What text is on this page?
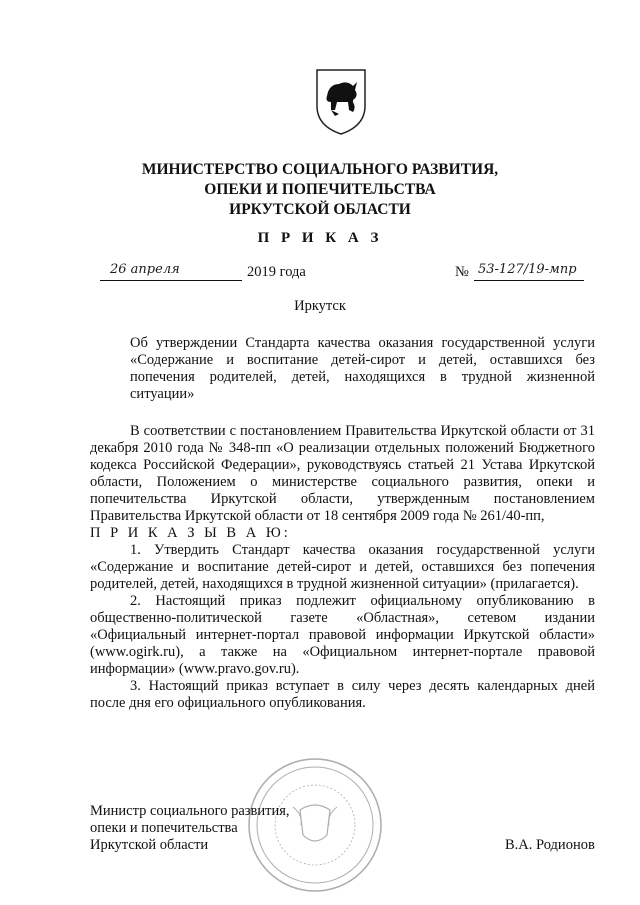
МИНИСТЕРСТВО СОЦИАЛЬНОГО РАЗВИТИЯ,
ОПЕКИ И ПОПЕЧИТЕЛЬСТВА
ИРКУТСКОЙ ОБЛАСТИ
П Р И К А З
26 апреля	2019 года	№ 53-127/19-мпр
Иркутск
Об утверждении Стандарта качества оказания государственной услуги «Содержание и воспитание детей-сирот и детей, оставшихся без попечения родителей, детей, находящихся в трудной жизненной ситуации»

В соответствии с постановлением Правительства Иркутской области от 31 декабря 2010 года № 348-пп «О реализации отдельных положений Бюджетного кодекса Российской Федерации», руководствуясь статьей 21 Устава Иркутской области, Положением о министерстве социального развития, опеки и попечительства Иркутской области, утвержденным постановлением Правительства Иркутской области от 18 сентября 2009 года № 261/40-пп,

П Р И К А З Ы В А Ю:

1. Утвердить Стандарт качества оказания государственной услуги «Содержание и воспитание детей-сирот и детей, оставшихся без попечения родителей, детей, находящихся в трудной жизненной ситуации» (прилагается).

2. Настоящий приказ подлежит официальному опубликованию в общественно-политической газете «Областная», сетевом издании «Официальный интернет-портал правовой информации Иркутской области» (www.ogirk.ru), а также на «Официальном интернет-портале правовой информации» (www.pravo.gov.ru).

3. Настоящий приказ вступает в силу через десять календарных дней после дня его официального опубликования.

Министр социального развития,
опеки и попечительства
Иркутской области	В.А. Родионов
